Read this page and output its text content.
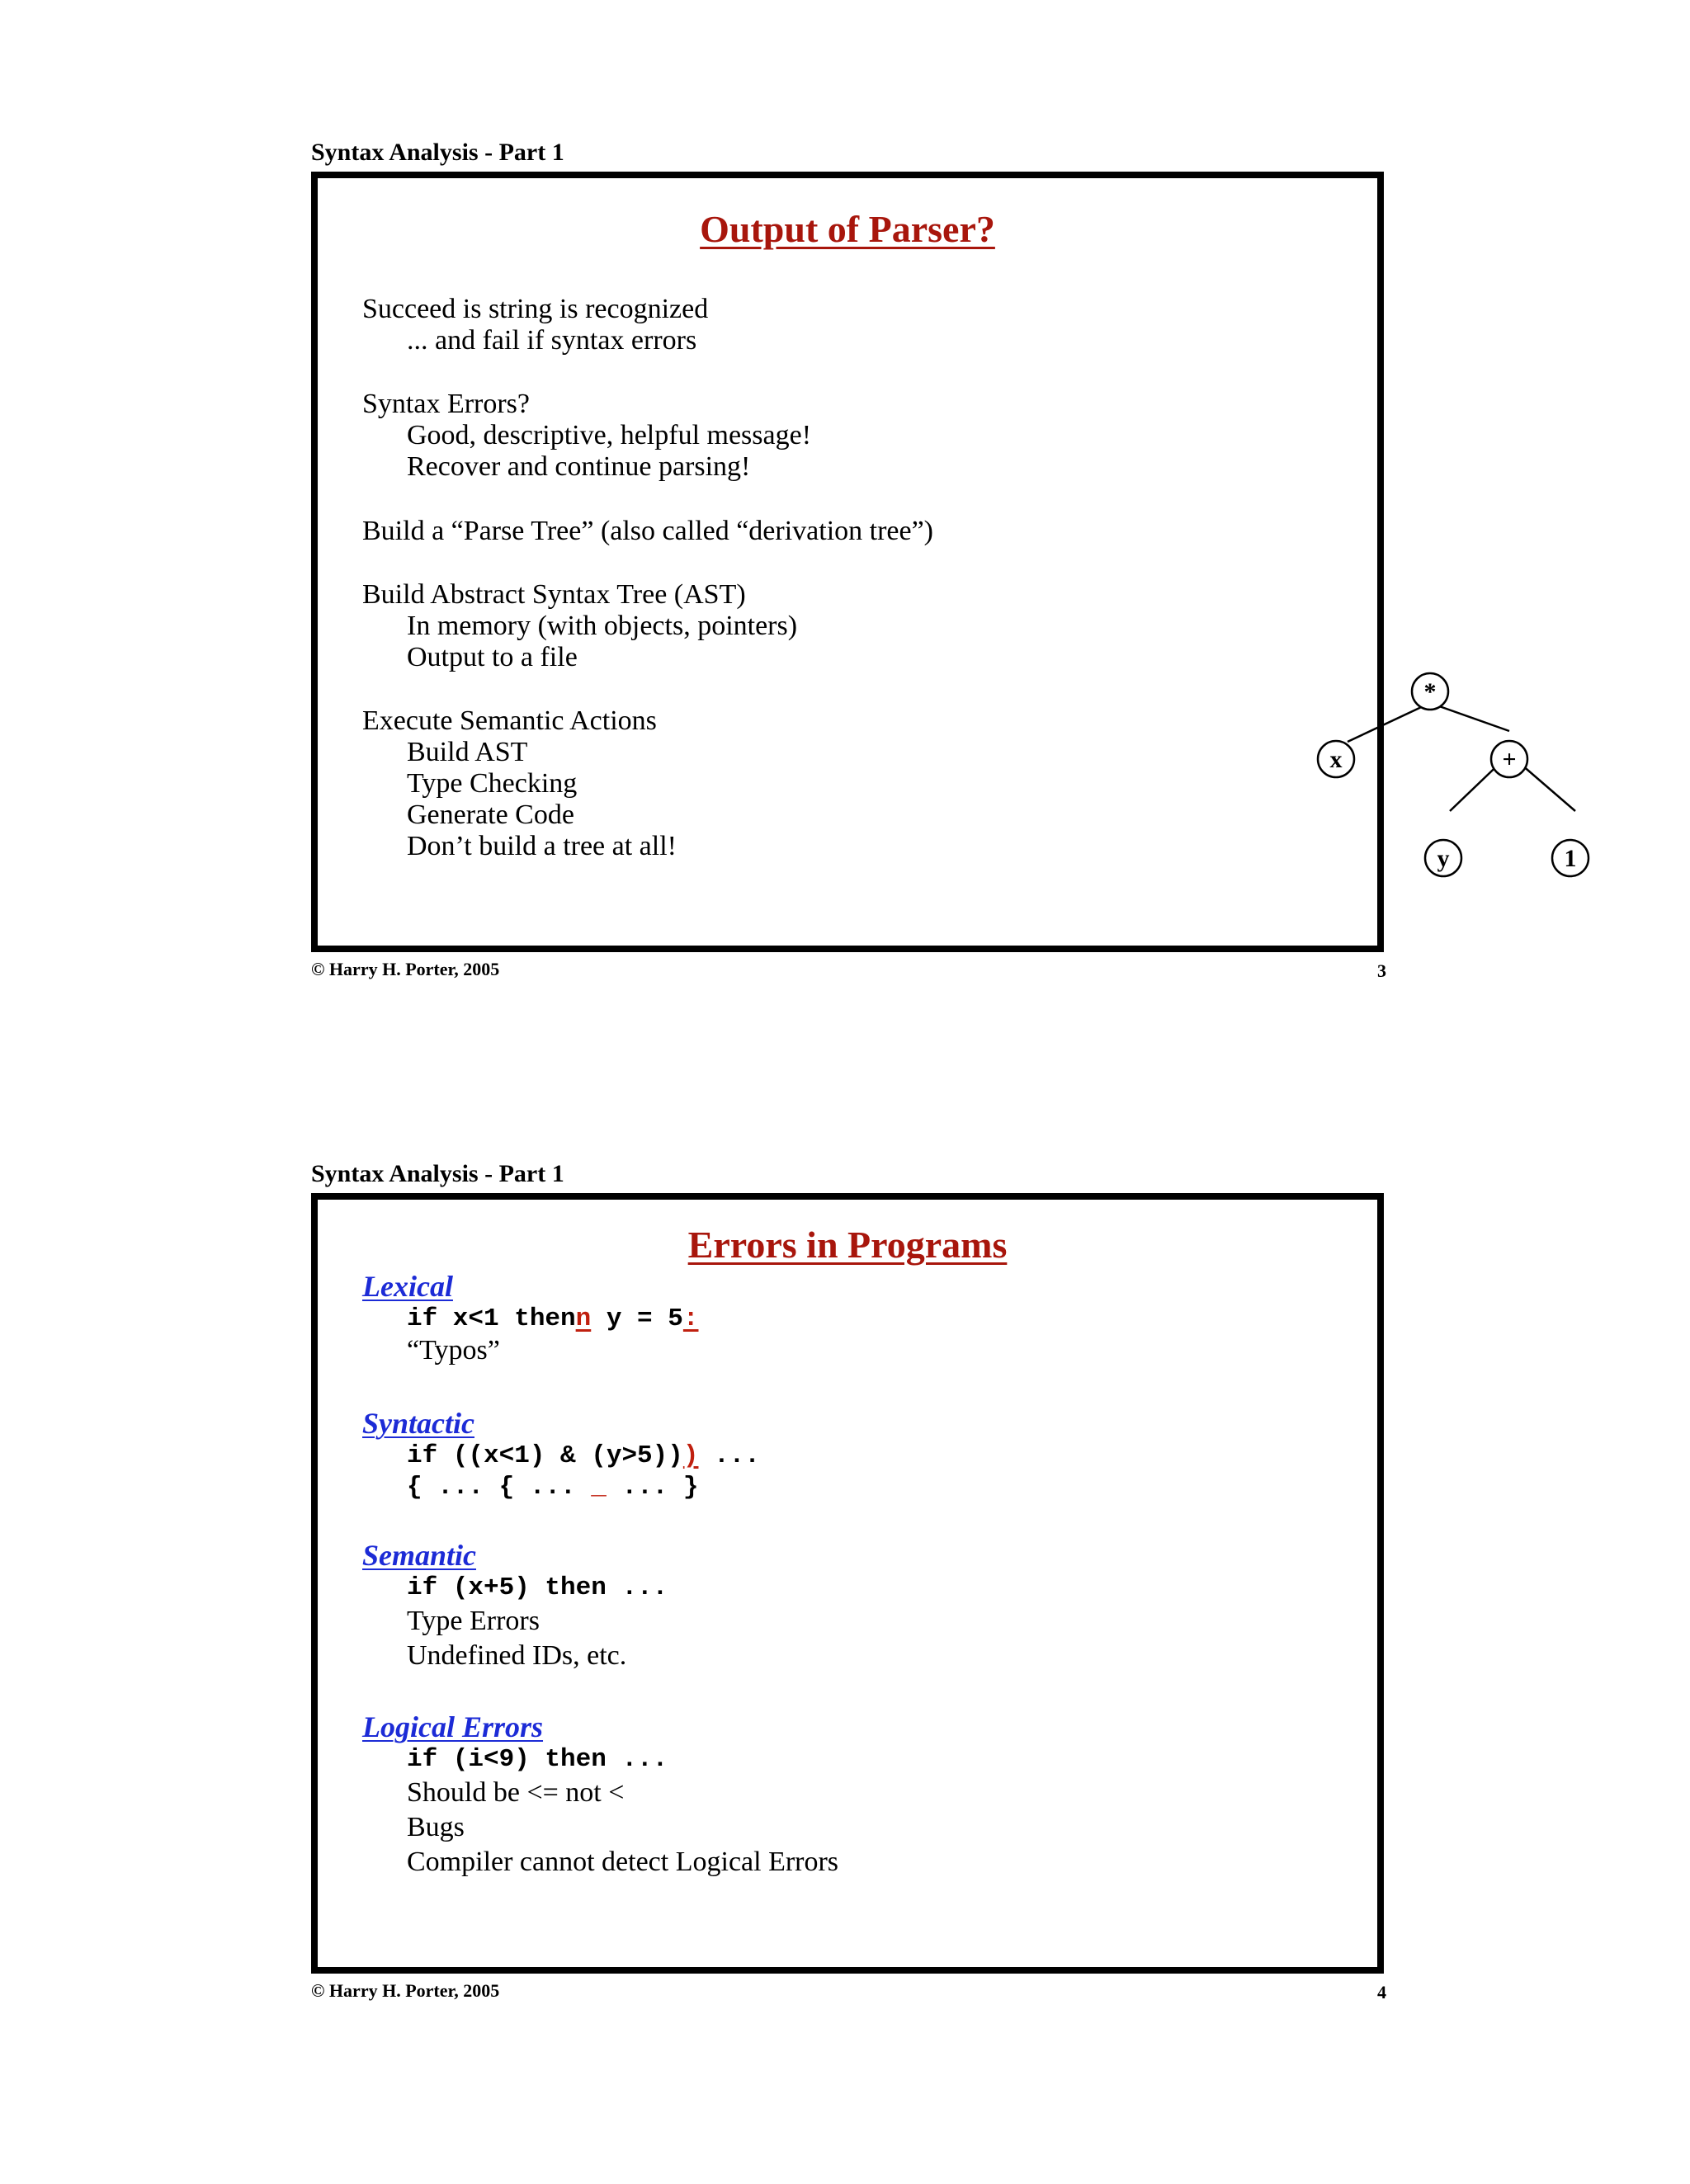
Syntax Analysis - Part 1
Output of Parser?
Succeed is string is recognized
... and fail if syntax errors
Syntax Errors?
Good, descriptive, helpful message!
Recover and continue parsing!
Build a “Parse Tree” (also called “derivation tree”)
Build Abstract Syntax Tree (AST)
In memory (with objects, pointers)
Output to a file
Execute Semantic Actions
Build AST
Type Checking
Generate Code
Don’t build a tree at all!
*
x	+
y	1
© Harry H. Porter, 2005	3
Syntax Analysis - Part 1
Errors in Programs
Lexical
if x<1 thenn y = 5:
“Typos”
Syntactic
if ((x<1) & (y>5))) ...
{ ... { ... _ ... }
Semantic
if (x+5) then ...
Type Errors
Undefined IDs, etc.
Logical Errors
if (i<9) then ...
Should be <= not <
Bugs
Compiler cannot detect Logical Errors
© Harry H. Porter, 2005	4
